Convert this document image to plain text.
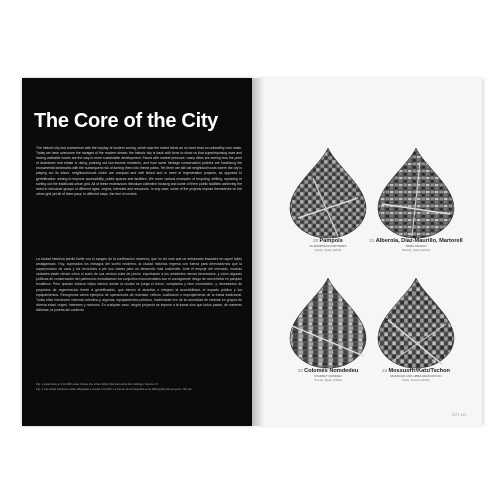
The Core of the City
The historic city lost momentum with the heyday of modern zoning, which saw the mixed fabric as no more than an unhealthy rock mash. Today we have overcome the ravages of the modern dream; the historic city is back with force to show us that superimposing uses and having walkable routes are the way to more sustainable development. Faced with market pressure, many cities are seeing how the price of downtown real estate is rising, pushing out low-income residents, and how some heritage conservation policies are fossilizing the monumental landmarks with the subsequent risk of turning them into theme parks. Yet there are still old neighbourhoods where the city is playing out its future, neighbourhoods which are compact and well linked and in need of regeneration projects, as opposed to gentrification: aiming to improve accessibility, public spaces and facilities. We cover various examples of recycling, infilling, replacing or sorting out the traditional urban grid. All of these endeavours introduce collective housing and some of them public facilities achieving the need to introduce groups of different ages, origins, interests and resources. In any case, some of the projects impose themselves on the urban grid yet all of them pass, in different ways, the test of context.
La ciudad histórica perdió fuelle con el apogeo de la zonificación moderna, que no vio más que un entramado insalubre en aquel tejido amalgamado. Hoy, superados los estragos del sueño moderno, la ciudad histórica regresa con fuerza para demostrarnos que la superposición de usos y los recorridos a pie son claves para un desarrollo más sostenible. Ante el empuje del mercado, muchas ciudades están viendo cómo el suelo de sus centros sube de precio, expulsando a los residentes menos favorecidos, y cómo algunas políticas de conservación del patrimonio embalsaman los conjuntos monumentales con el consiguiente riesgo de convertirlos en parques temáticos. Pero quedan todavía viejos barrios donde la ciudad se juega el futuro, compactos y bien conectados, y necesitados de proyectos de regeneración frente a gentrificación, que eleven el atractivo e integren la accesibilidad, el espacio público y los equipamientos. Recogemos varios ejemplos de operaciones de reciclado, relleno, sustitución o esponjamiento de la trama tradicional. Todas ellas introducen vivienda colectiva y, algunas, equipamientos públicos, haciéndose eco de la necesidad de mezclar en grupos de diversa edad, origen, intereses y recursos. En cualquier caso, ningún proyecto se impone a la trama sino que todos pasan, de maneras distintas, la prueba del contexto.
Fig. 1 detail view to 1:10,000 scale, Above the urban fabric that surrounds the buildings. Source: Fl
Fig. 2 Las vistas interiores están dibujadas a escala 1:10.000. La fuente de la fotografía es la bibliografía del proyecto. Sin pie
20 Pampols
FF.RAMPIÑAS PARTNERS
Lleida, Spain (2015)
21 Alberola, Díaz-Maurillo, Martorell
TRIBU DESIGN
Madrid, Spain (2015)
22 Colomés Nomdedeu
STARMLT NOMDEU
Tomas, Spain (2015)
23 Mossuoffr/Katz/Tschon
MASSAUD AND LIBBA RENOVATION
Paris, France (2015)
CITY 107
